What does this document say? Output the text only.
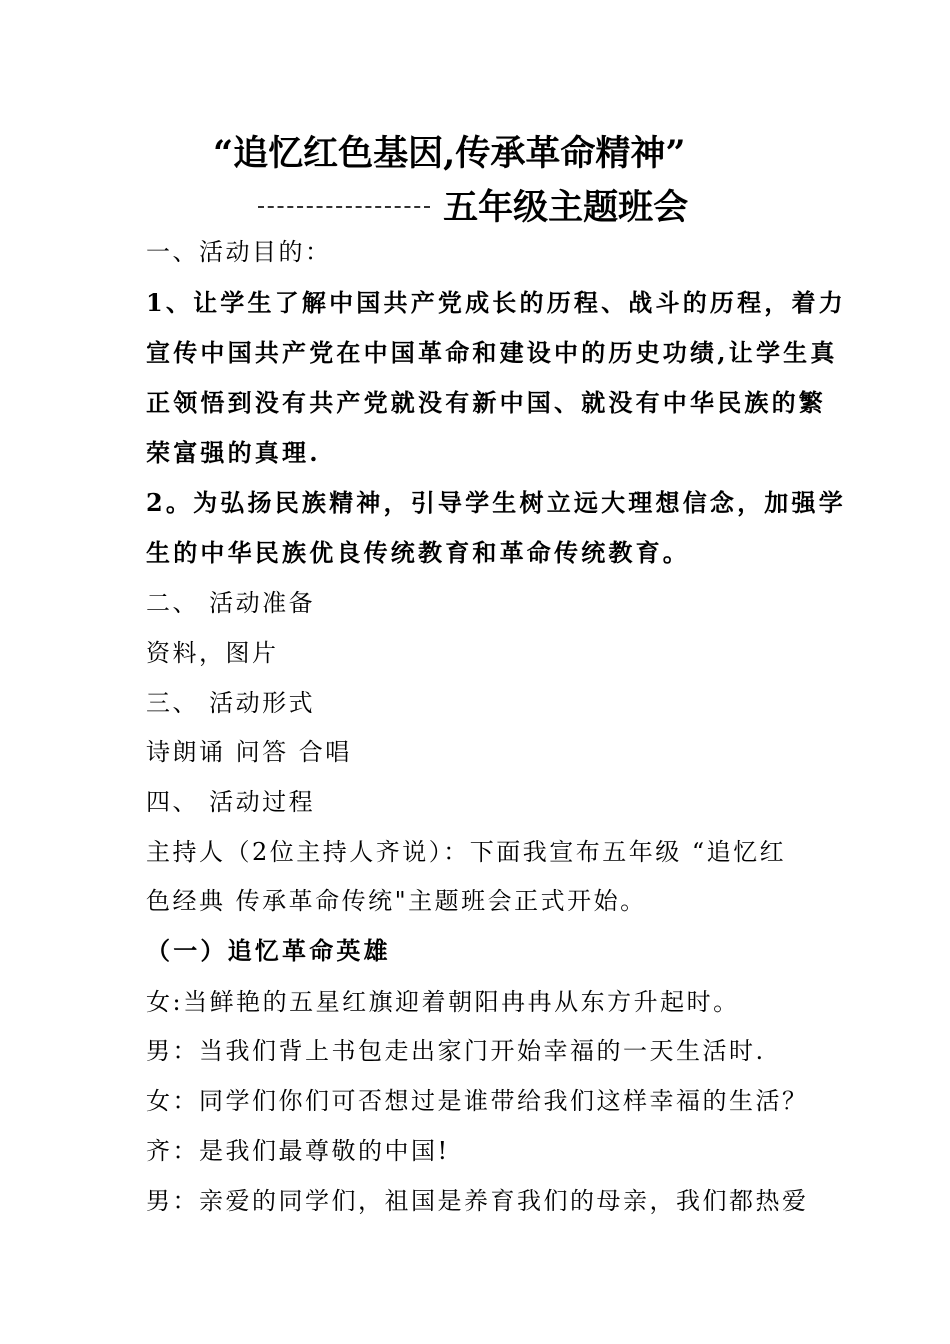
“追忆红色基因,传承革命精神”
五年级主题班会
一、活动目的：
1、让学生了解中国共产党成长的历程、战斗的历程，着力
宣传中国共产党在中国革命和建设中的历史功绩,让学生真
正领悟到没有共产党就没有新中国、就没有中华民族的繁
荣富强的真理.
2。为弘扬民族精神，引导学生树立远大理想信念，加强学
生的中华民族优良传统教育和革命传统教育。
二、 活动准备
资料，图片
三、 活动形式
诗朗诵 问答 合唱
四、 活动过程
主持人（2位主持人齐说）：下面我宣布五年级 “追忆红
色经典 传承革命传统"主题班会正式开始。
（一）追忆革命英雄
女:当鲜艳的五星红旗迎着朝阳冉冉从东方升起时。
男：当我们背上书包走出家门开始幸福的一天生活时.
女：同学们你们可否想过是谁带给我们这样幸福的生活？
齐：是我们最尊敬的中国!
男：亲爱的同学们，祖国是养育我们的母亲，我们都热爱
